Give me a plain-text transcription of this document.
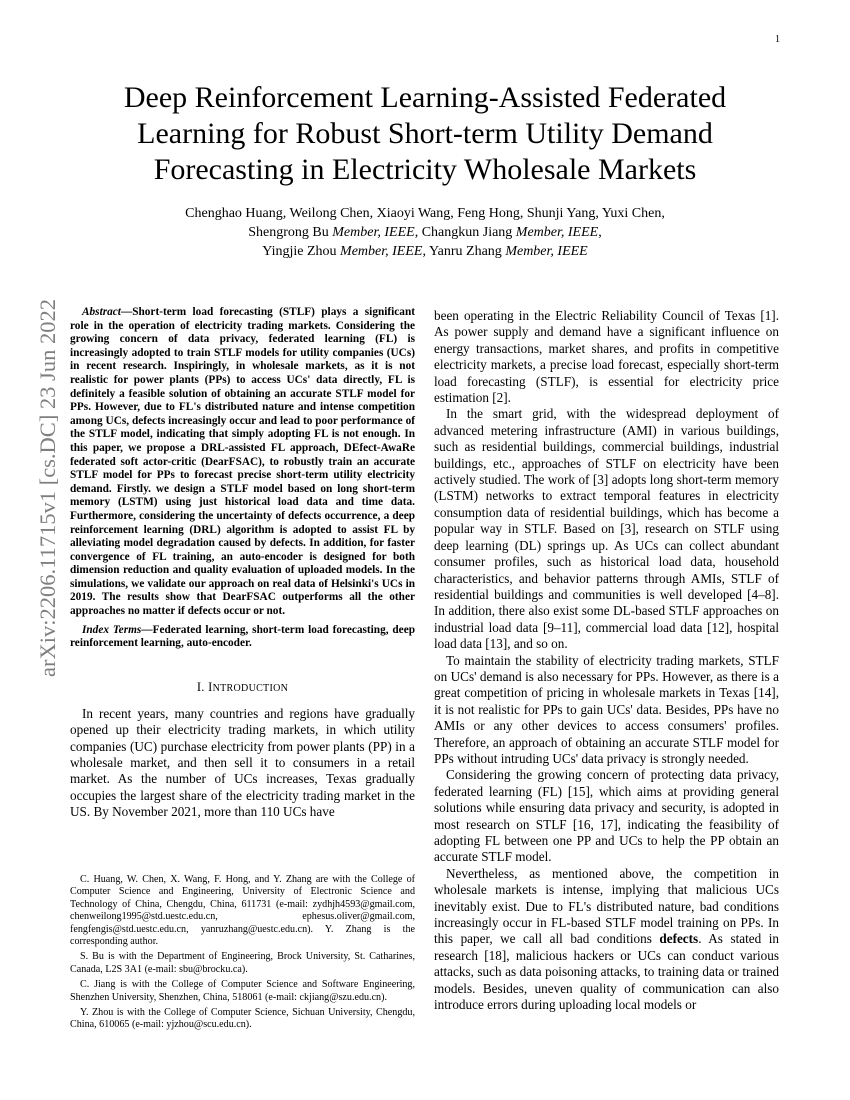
1
arXiv:2206.11715v1 [cs.DC] 23 Jun 2022
Deep Reinforcement Learning-Assisted Federated Learning for Robust Short-term Utility Demand Forecasting in Electricity Wholesale Markets
Chenghao Huang, Weilong Chen, Xiaoyi Wang, Feng Hong, Shunji Yang, Yuxi Chen,
Shengrong Bu Member, IEEE, Changkun Jiang Member, IEEE,
Yingjie Zhou Member, IEEE, Yanru Zhang Member, IEEE

Abstract—Short-term load forecasting (STLF) plays a significant role in the operation of electricity trading markets. Considering the growing concern of data privacy, federated learning (FL) is increasingly adopted to train STLF models for utility companies (UCs) in recent research. Inspiringly, in wholesale markets, as it is not realistic for power plants (PPs) to access UCs' data directly, FL is definitely a feasible solution of obtaining an accurate STLF model for PPs. However, due to FL's distributed nature and intense competition among UCs, defects increasingly occur and lead to poor performance of the STLF model, indicating that simply adopting FL is not enough. In this paper, we propose a DRL-assisted FL approach, DEfect-AwaRe federated soft actor-critic (DearFSAC), to robustly train an accurate STLF model for PPs to forecast precise short-term utility electricity demand. Firstly. we design a STLF model based on long short-term memory (LSTM) using just historical load data and time data. Furthermore, considering the uncertainty of defects occurrence, a deep reinforcement learning (DRL) algorithm is adopted to assist FL by alleviating model degradation caused by defects. In addition, for faster convergence of FL training, an auto-encoder is designed for both dimension reduction and quality evaluation of uploaded models. In the simulations, we validate our approach on real data of Helsinki's UCs in 2019. The results show that DearFSAC outperforms all the other approaches no matter if defects occur or not.

Index Terms—Federated learning, short-term load forecasting, deep reinforcement learning, auto-encoder.

I. INTRODUCTION

In recent years, many countries and regions have gradually opened up their electricity trading markets, in which utility companies (UC) purchase electricity from power plants (PP) in a wholesale market, and then sell it to consumers in a retail market. As the number of UCs increases, Texas gradually occupies the largest share of the electricity trading market in the US. By November 2021, more than 110 UCs have

C. Huang, W. Chen, X. Wang, F. Hong, and Y. Zhang are with the College of Computer Science and Engineering, University of Electronic Science and Technology of China, Chengdu, China, 611731 (e-mail: zydhjh4593@gmail.com, chenweilong1995@std.uestc.edu.cn, ephesus.oliver@gmail.com, fengfengis@std.uestc.edu.cn, yanruzhang@uestc.edu.cn). Y. Zhang is the corresponding author.

S. Bu is with the Department of Engineering, Brock University, St. Catharines, Canada, L2S 3A1 (e-mail: sbu@brocku.ca).

C. Jiang is with the College of Computer Science and Software Engineering, Shenzhen University, Shenzhen, China, 518061 (e-mail: ckjiang@szu.edu.cn).

Y. Zhou is with the College of Computer Science, Sichuan University, Chengdu, China, 610065 (e-mail: yjzhou@scu.edu.cn).

been operating in the Electric Reliability Council of Texas [1]. As power supply and demand have a significant influence on energy transactions, market shares, and profits in competitive electricity markets, a precise load forecast, especially short-term load forecasting (STLF), is essential for electricity price estimation [2].

In the smart grid, with the widespread deployment of advanced metering infrastructure (AMI) in various buildings, such as residential buildings, commercial buildings, industrial buildings, etc., approaches of STLF on electricity have been actively studied. The work of [3] adopts long short-term memory (LSTM) networks to extract temporal features in electricity consumption data of residential buildings, which has become a popular way in STLF. Based on [3], research on STLF using deep learning (DL) springs up. As UCs can collect abundant consumer profiles, such as historical load data, household characteristics, and behavior patterns through AMIs, STLF of residential buildings and communities is well developed [4–8]. In addition, there also exist some DL-based STLF approaches on industrial load data [9–11], commercial load data [12], hospital load data [13], and so on.

To maintain the stability of electricity trading markets, STLF on UCs' demand is also necessary for PPs. However, as there is a great competition of pricing in wholesale markets in Texas [14], it is not realistic for PPs to gain UCs' data. Besides, PPs have no AMIs or any other devices to access consumers' profiles. Therefore, an approach of obtaining an accurate STLF model for PPs without intruding UCs' data privacy is strongly needed.

Considering the growing concern of protecting data privacy, federated learning (FL) [15], which aims at providing general solutions while ensuring data privacy and security, is adopted in most research on STLF [16, 17], indicating the feasibility of adopting FL between one PP and UCs to help the PP obtain an accurate STLF model.

Nevertheless, as mentioned above, the competition in wholesale markets is intense, implying that malicious UCs inevitably exist. Due to FL's distributed nature, bad conditions increasingly occur in FL-based STLF model training on PPs. In this paper, we call all bad conditions defects. As stated in research [18], malicious hackers or UCs can conduct various attacks, such as data poisoning attacks, to training data or trained models. Besides, uneven quality of communication can also introduce errors during uploading local models or
